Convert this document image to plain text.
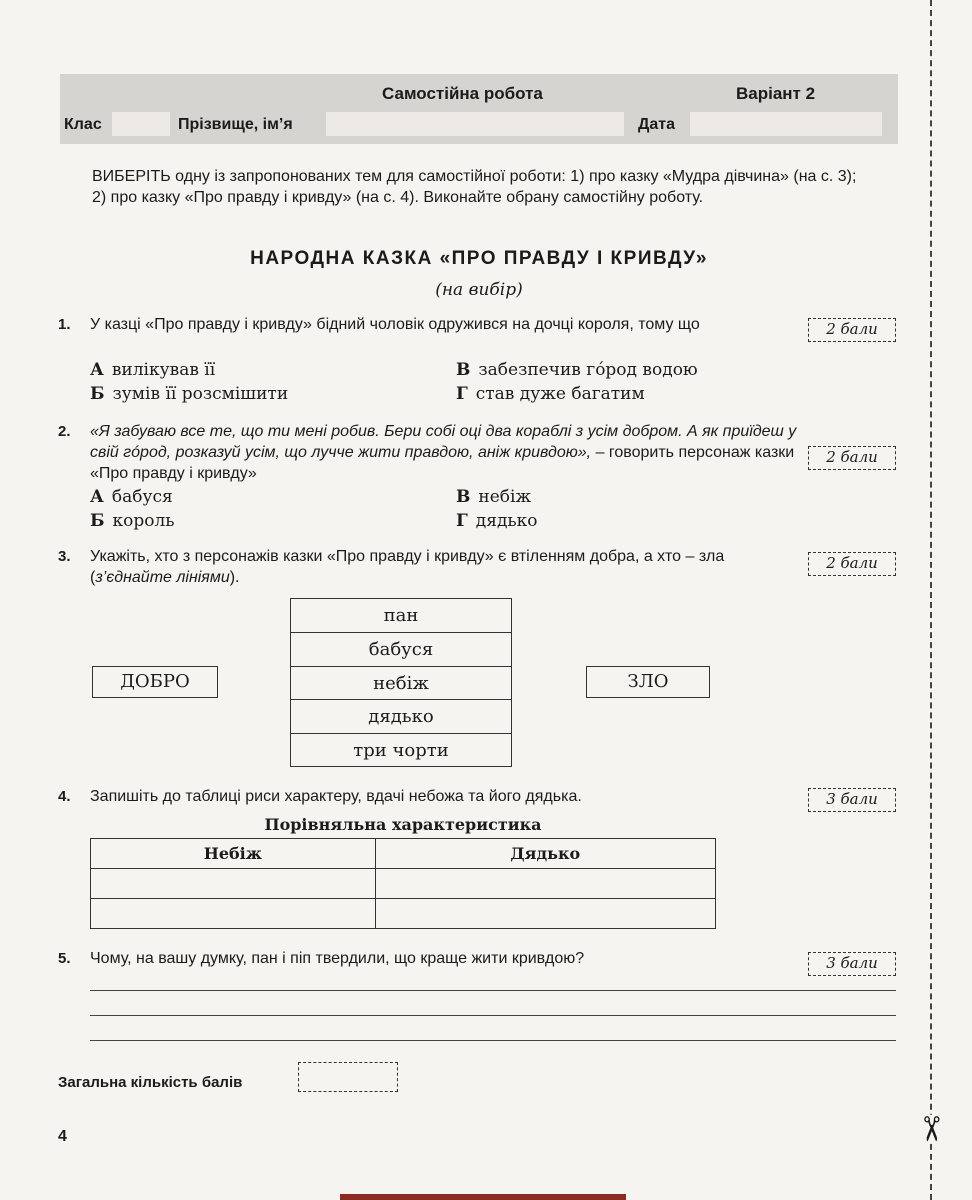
✂
Самостійна робота	Варіант 2
Клас	Прізвище, ім’я	Дата
ВИБЕРІТЬ одну із запропонованих тем для самостійної роботи: 1) про казку «Мудра дівчина» (на с. 3); 2) про казку «Про правду і кривду» (на с. 4). Виконайте обрану самостійну роботу.
НАРОДНА КАЗКА «ПРО ПРАВДУ І КРИВДУ»
(на вибір)
1. У казці «Про правду і кривду» бідний чоловік одружився на дочці короля, тому що	2 бали
А вилікував її
Б зумів її розсмішити
В забезпечив гóрод водою
Г став дуже багатим
2. «Я забуваю все те, що ти мені робив. Бери собі оці два кораблі з усім добром. А як приїдеш у свій гóрод, розказуй усім, що лучче жити правдою, аніж кривдою», – говорить персонаж казки «Про правду і кривду»
2 бали
А бабуся
Б король
В небіж
Г дядько
3. Укажіть, хто з персонажів казки «Про правду і кривду» є втіленням добра, а хто – зла (з’єднайте лініями).
2 бали
ДОБРО	ЗЛО
пан
бабуся
небіж
дядько
три чорти
4. Запишіть до таблиці риси характеру, вдачі небожа та його дядька.	3 бали
Порівняльна характеристика
Небіж	Дядько

5. Чому, на вашу думку, пан і піп твердили, що краще жити кривдою?	3 бали
Загальна кількість балів
4
